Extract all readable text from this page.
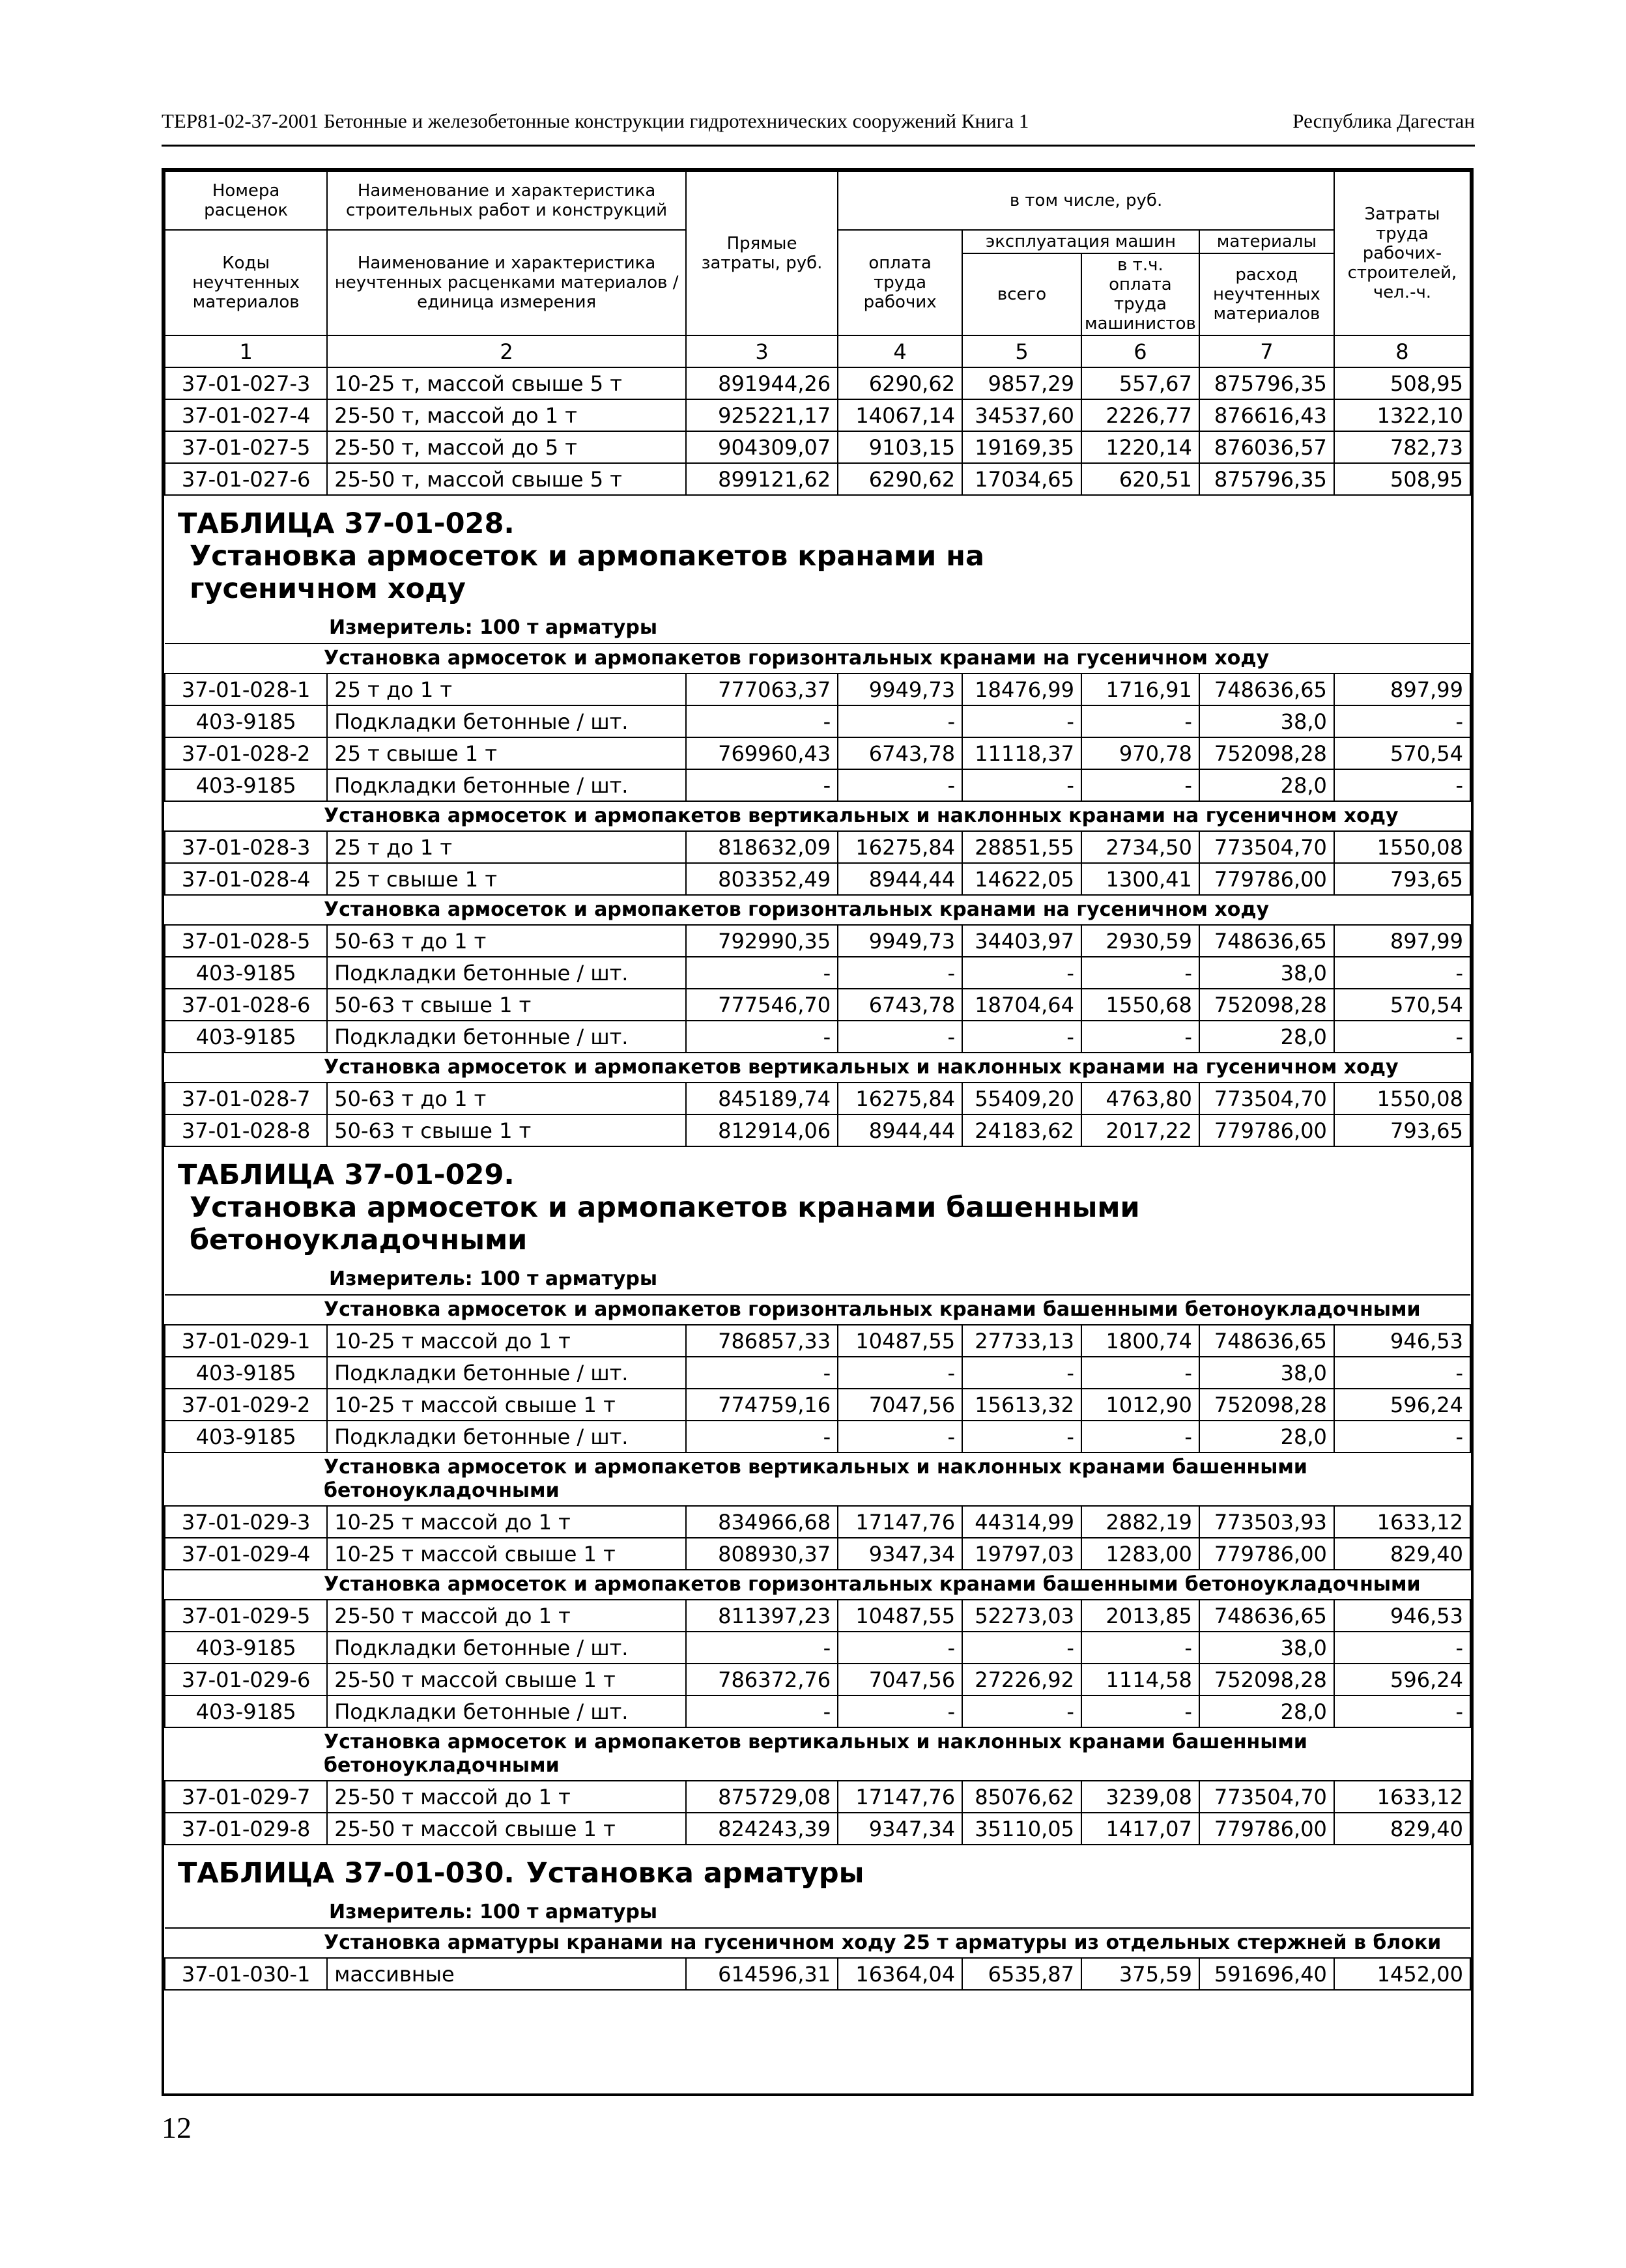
ТЕР81-02-37-2001 Бетонные и железобетонные конструкции гидротехнических сооружений Книга 1	Республика Дагестан
Номера расценок	Наименование и характеристика строительных работ и конструкций	Прямые затраты, руб.	в том числе, руб.				Затраты труда рабочих-строителей, чел.-ч.
Коды неучтенных материалов	Наименование и характеристика неучтенных расценками материалов / единица измерения		оплата труда рабочих	эксплуатация машин		материалы	
				всего	в т.ч. оплата труда машинистов	расход неучтенных материалов	
1	2	3	4	5	6	7	8
37-01-027-3	10-25 т, массой свыше 5 т	891944,26	6290,62	9857,29	557,67	875796,35	508,95
37-01-027-4	25-50 т, массой до 1 т	925221,17	14067,14	34537,60	2226,77	876616,43	1322,10
37-01-027-5	25-50 т, массой до 5 т	904309,07	9103,15	19169,35	1220,14	876036,57	782,73
37-01-027-6	25-50 т, массой свыше 5 т	899121,62	6290,62	17034,65	620,51	875796,35	508,95
ТАБЛИЦА 37-01-028.Установка армосеток и армопакетов кранами на гусеничном ходу							
Измеритель: 100 т арматуры							
Установка армосеток и армопакетов горизонтальных кранами на гусеничном ходу							
37-01-028-1	25 т до 1 т	777063,37	9949,73	18476,99	1716,91	748636,65	897,99
403-9185	Подкладки бетонные / шт.	-	-	-	-	38,0	-
37-01-028-2	25 т свыше 1 т	769960,43	6743,78	11118,37	970,78	752098,28	570,54
403-9185	Подкладки бетонные / шт.	-	-	-	-	28,0	-
Установка армосеток и армопакетов вертикальных и наклонных кранами на гусеничном ходу							
37-01-028-3	25 т до 1 т	818632,09	16275,84	28851,55	2734,50	773504,70	1550,08
37-01-028-4	25 т свыше 1 т	803352,49	8944,44	14622,05	1300,41	779786,00	793,65
Установка армосеток и армопакетов горизонтальных кранами на гусеничном ходу							
37-01-028-5	50-63 т до 1 т	792990,35	9949,73	34403,97	2930,59	748636,65	897,99
403-9185	Подкладки бетонные / шт.	-	-	-	-	38,0	-
37-01-028-6	50-63 т свыше 1 т	777546,70	6743,78	18704,64	1550,68	752098,28	570,54
403-9185	Подкладки бетонные / шт.	-	-	-	-	28,0	-
Установка армосеток и армопакетов вертикальных и наклонных кранами на гусеничном ходу							
37-01-028-7	50-63 т до 1 т	845189,74	16275,84	55409,20	4763,80	773504,70	1550,08
37-01-028-8	50-63 т свыше 1 т	812914,06	8944,44	24183,62	2017,22	779786,00	793,65
ТАБЛИЦА 37-01-029.Установка армосеток и армопакетов кранами башенными бетоноукладочными							
Измеритель: 100 т арматуры							
Установка армосеток и армопакетов горизонтальных кранами башенными бетоноукладочными							
37-01-029-1	10-25 т массой до 1 т	786857,33	10487,55	27733,13	1800,74	748636,65	946,53
403-9185	Подкладки бетонные / шт.	-	-	-	-	38,0	-
37-01-029-2	10-25 т массой свыше 1 т	774759,16	7047,56	15613,32	1012,90	752098,28	596,24
403-9185	Подкладки бетонные / шт.	-	-	-	-	28,0	-
Установка армосеток и армопакетов вертикальных и наклонных кранами башенными бетоноукладочными							
37-01-029-3	10-25 т массой до 1 т	834966,68	17147,76	44314,99	2882,19	773503,93	1633,12
37-01-029-4	10-25 т массой свыше 1 т	808930,37	9347,34	19797,03	1283,00	779786,00	829,40
Установка армосеток и армопакетов горизонтальных кранами башенными бетоноукладочными							
37-01-029-5	25-50 т массой до 1 т	811397,23	10487,55	52273,03	2013,85	748636,65	946,53
403-9185	Подкладки бетонные / шт.	-	-	-	-	38,0	-
37-01-029-6	25-50 т массой свыше 1 т	786372,76	7047,56	27226,92	1114,58	752098,28	596,24
403-9185	Подкладки бетонные / шт.	-	-	-	-	28,0	-
Установка армосеток и армопакетов вертикальных и наклонных кранами башенными бетоноукладочными							
37-01-029-7	25-50 т массой до 1 т	875729,08	17147,76	85076,62	3239,08	773504,70	1633,12
37-01-029-8	25-50 т массой свыше 1 т	824243,39	9347,34	35110,05	1417,07	779786,00	829,40
ТАБЛИЦА 37-01-030. Установка арматуры							
Измеритель: 100 т арматуры							
Установка арматуры кранами на гусеничном ходу 25 т арматуры из отдельных стержней в блоки							
37-01-030-1	массивные	614596,31	16364,04	6535,87	375,59	591696,40	1452,00
12
